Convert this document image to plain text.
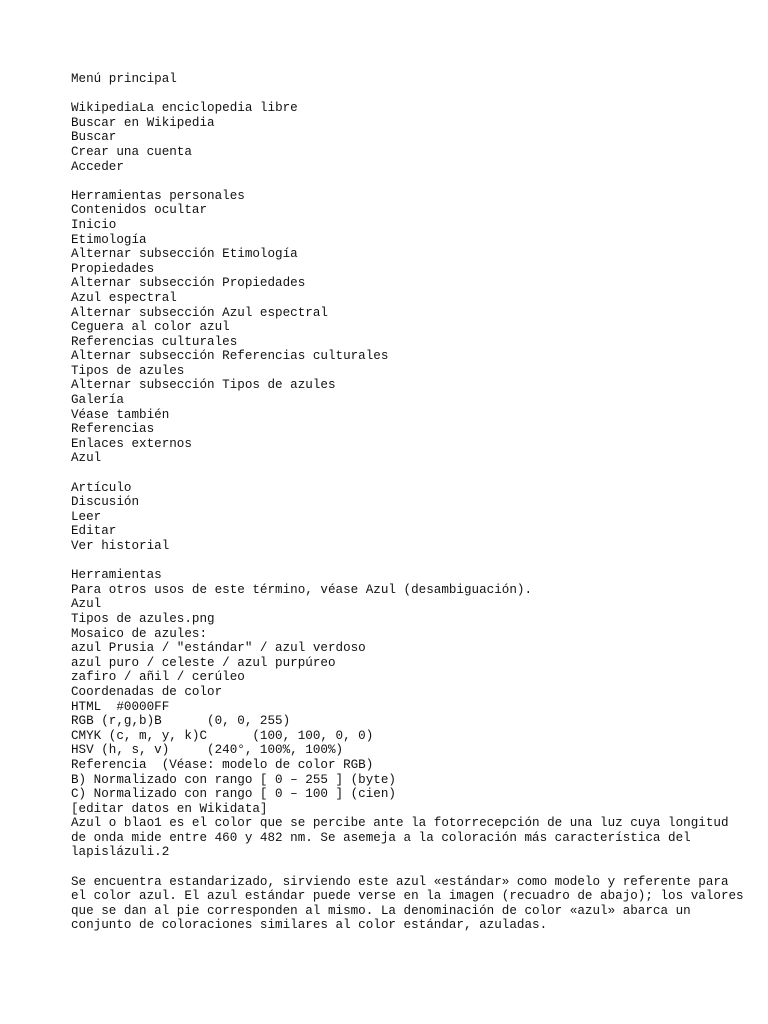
Menú principal
WikipediaLa enciclopedia libre
Buscar en Wikipedia
Buscar
Crear una cuenta
Acceder
Herramientas personales
Contenidos ocultar
Inicio
Etimología
Alternar subsección Etimología
Propiedades
Alternar subsección Propiedades
Azul espectral
Alternar subsección Azul espectral
Ceguera al color azul
Referencias culturales
Alternar subsección Referencias culturales
Tipos de azules
Alternar subsección Tipos de azules
Galería
Véase también
Referencias
Enlaces externos
Azul
Artículo
Discusión
Leer
Editar
Ver historial
Herramientas
Para otros usos de este término, véase Azul (desambiguación).
Azul
Tipos de azules.png
Mosaico de azules:
azul Prusia / "estándar" / azul verdoso
azul puro / celeste / azul purpúreo
zafiro / añil / cerúleo
Coordenadas de color
HTML  #0000FF
RGB (r,g,b)B      (0, 0, 255)
CMYK (c, m, y, k)C      (100, 100, 0, 0)
HSV (h, s, v)     (240°, 100%, 100%)
Referencia  (Véase: modelo de color RGB)
B) Normalizado con rango [ 0 – 255 ] (byte)
C) Normalizado con rango [ 0 – 100 ] (cien)
[editar datos en Wikidata]
Azul o blao1 es el color que se percibe ante la fotorrecepción de una luz cuya longitud de onda mide entre 460 y 482 nm. Se asemeja a la coloración más característica del lapislázuli.2
Se encuentra estandarizado, sirviendo este azul «estándar» como modelo y referente para el color azul. El azul estándar puede verse en la imagen (recuadro de abajo); los valores que se dan al pie corresponden al mismo. La denominación de color «azul» abarca un conjunto de coloraciones similares al color estándar, azuladas.
